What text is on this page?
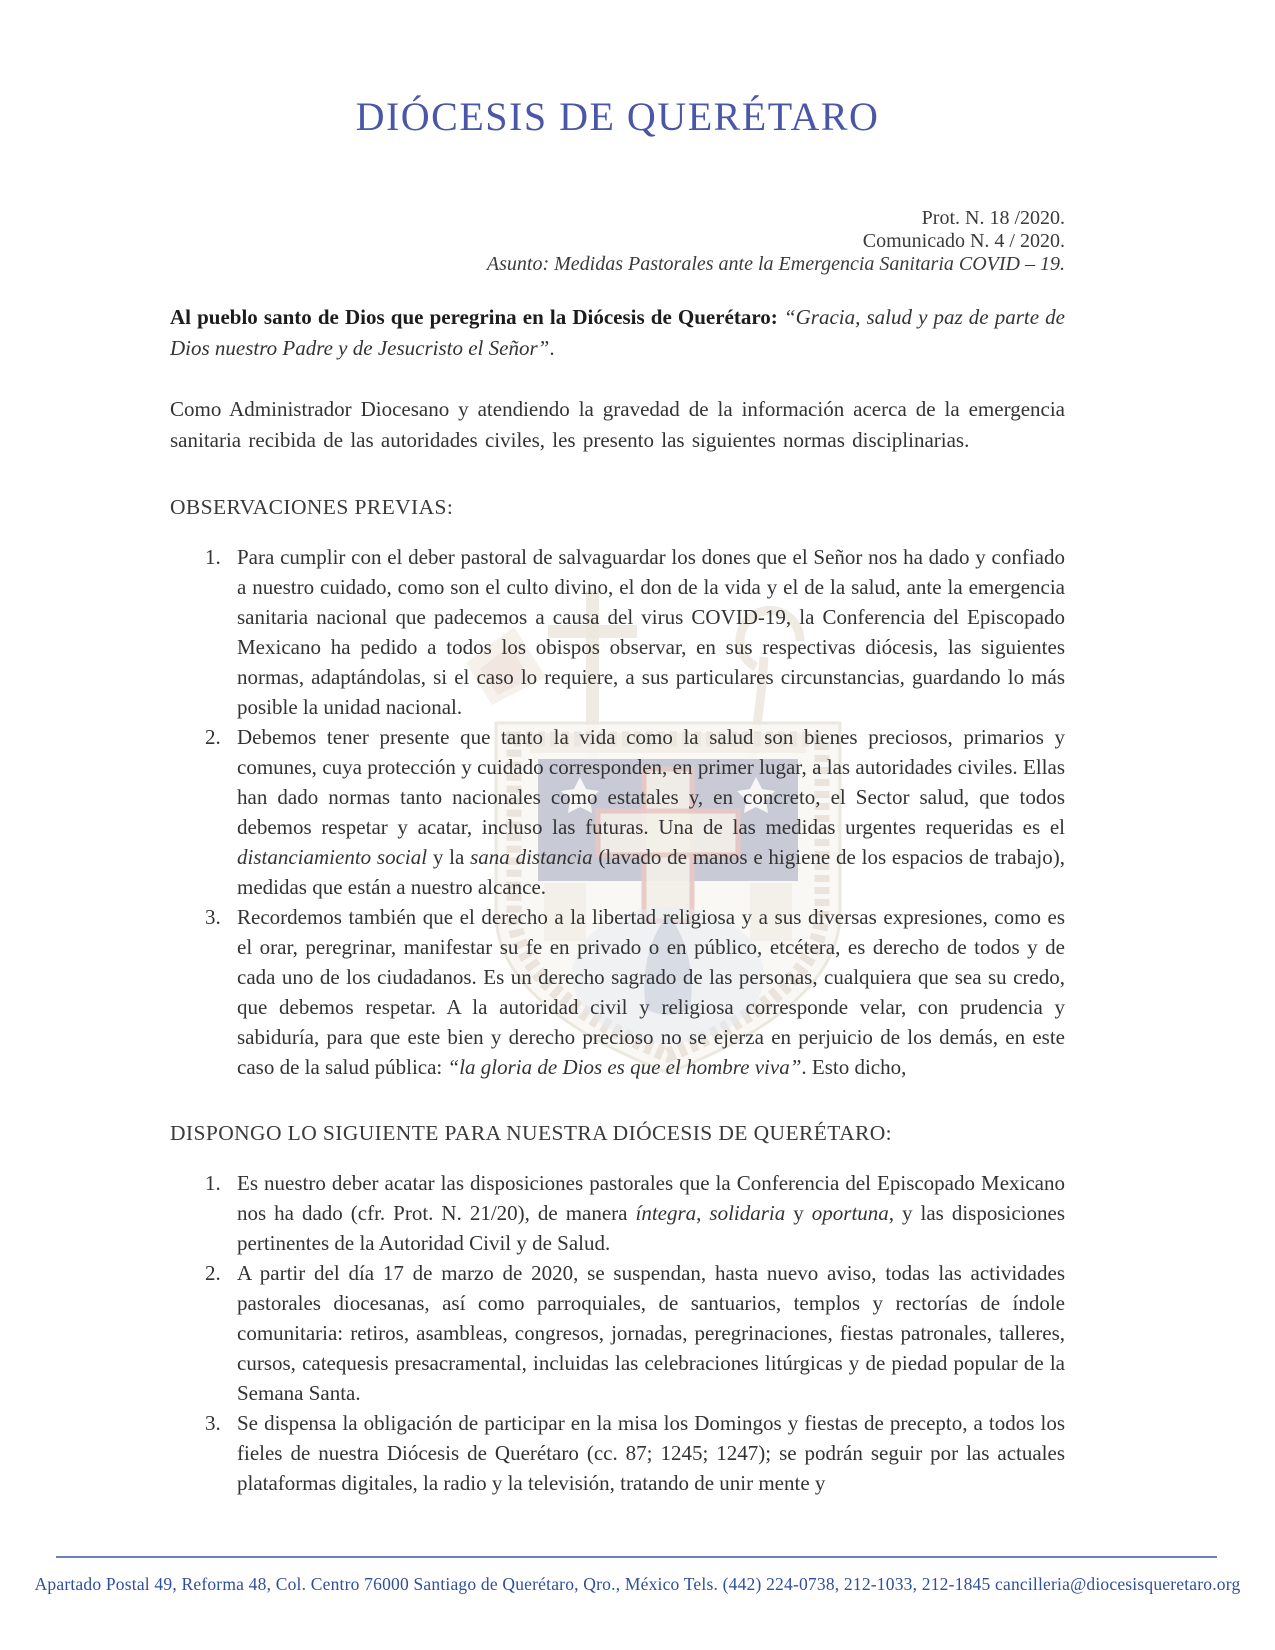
DIÓCESIS DE QUERÉTARO
Prot. N. 18 /2020.
Comunicado N. 4 / 2020.
Asunto: Medidas Pastorales ante la Emergencia Sanitaria COVID – 19.

Al pueblo santo de Dios que peregrina en la Diócesis de Querétaro: “Gracia, salud y paz de parte de Dios nuestro Padre y de Jesucristo el Señor”.

Como Administrador Diocesano y atendiendo la gravedad de la información acerca de la emergencia sanitaria recibida de las autoridades civiles, les presento las siguientes normas disciplinarias.

OBSERVACIONES PREVIAS:
1. Para cumplir con el deber pastoral de salvaguardar los dones que el Señor nos ha dado y confiado a nuestro cuidado, como son el culto divino, el don de la vida y el de la salud, ante la emergencia sanitaria nacional que padecemos a causa del virus COVID-19, la Conferencia del Episcopado Mexicano ha pedido a todos los obispos observar, en sus respectivas diócesis, las siguientes normas, adaptándolas, si el caso lo requiere, a sus particulares circunstancias, guardando lo más posible la unidad nacional.
2. Debemos tener presente que tanto la vida como la salud son bienes preciosos, primarios y comunes, cuya protección y cuidado corresponden, en primer lugar, a las autoridades civiles. Ellas han dado normas tanto nacionales como estatales y, en concreto, el Sector salud, que todos debemos respetar y acatar, incluso las futuras. Una de las medidas urgentes requeridas es el distanciamiento social y la sana distancia (lavado de manos e higiene de los espacios de trabajo), medidas que están a nuestro alcance.
3. Recordemos también que el derecho a la libertad religiosa y a sus diversas expresiones, como es el orar, peregrinar, manifestar su fe en privado o en público, etcétera, es derecho de todos y de cada uno de los ciudadanos. Es un derecho sagrado de las personas, cualquiera que sea su credo, que debemos respetar. A la autoridad civil y religiosa corresponde velar, con prudencia y sabiduría, para que este bien y derecho precioso no se ejerza en perjuicio de los demás, en este caso de la salud pública: “la gloria de Dios es que el hombre viva”. Esto dicho,
DISPONGO LO SIGUIENTE PARA NUESTRA DIÓCESIS DE QUERÉTARO:
1. Es nuestro deber acatar las disposiciones pastorales que la Conferencia del Episcopado Mexicano nos ha dado (cfr. Prot. N. 21/20), de manera íntegra, solidaria y oportuna, y las disposiciones pertinentes de la Autoridad Civil y de Salud.
2. A partir del día 17 de marzo de 2020, se suspendan, hasta nuevo aviso, todas las actividades pastorales diocesanas, así como parroquiales, de santuarios, templos y rectorías de índole comunitaria: retiros, asambleas, congresos, jornadas, peregrinaciones, fiestas patronales, talleres, cursos, catequesis presacramental, incluidas las celebraciones litúrgicas y de piedad popular de la Semana Santa.
3. Se dispensa la obligación de participar en la misa los Domingos y fiestas de precepto, a todos los fieles de nuestra Diócesis de Querétaro (cc. 87; 1245; 1247); se podrán seguir por las actuales plataformas digitales, la radio y la televisión, tratando de unir mente y
Apartado Postal 49, Reforma 48, Col. Centro 76000 Santiago de Querétaro, Qro., México Tels. (442) 224-0738, 212-1033, 212-1845 cancilleria@diocesisqueretaro.org
